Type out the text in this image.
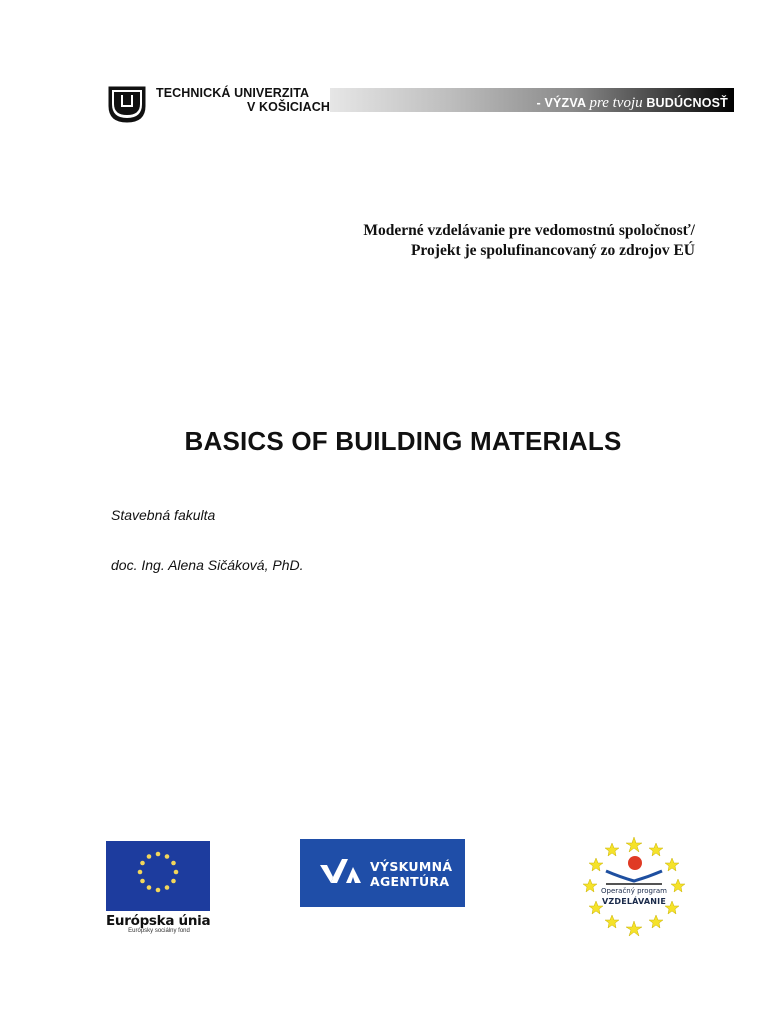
- VÝZVA pre tvoju BUDÚCNOSŤ
TECHNICKÁ UNIVERZITA
V KOŠICIACH
Moderné vzdelávanie pre vedomostnú spoločnosť/
Projekt je spolufinancovaný zo zdrojov EÚ
BASICS OF BUILDING MATERIALS
Stavebná fakulta
doc. Ing. Alena Sičáková, PhD.
Európska únia
Európsky sociálny fond
VÝSKUMNÁ
AGENTÚRA
Operačný program
VZDELÁVANIE
